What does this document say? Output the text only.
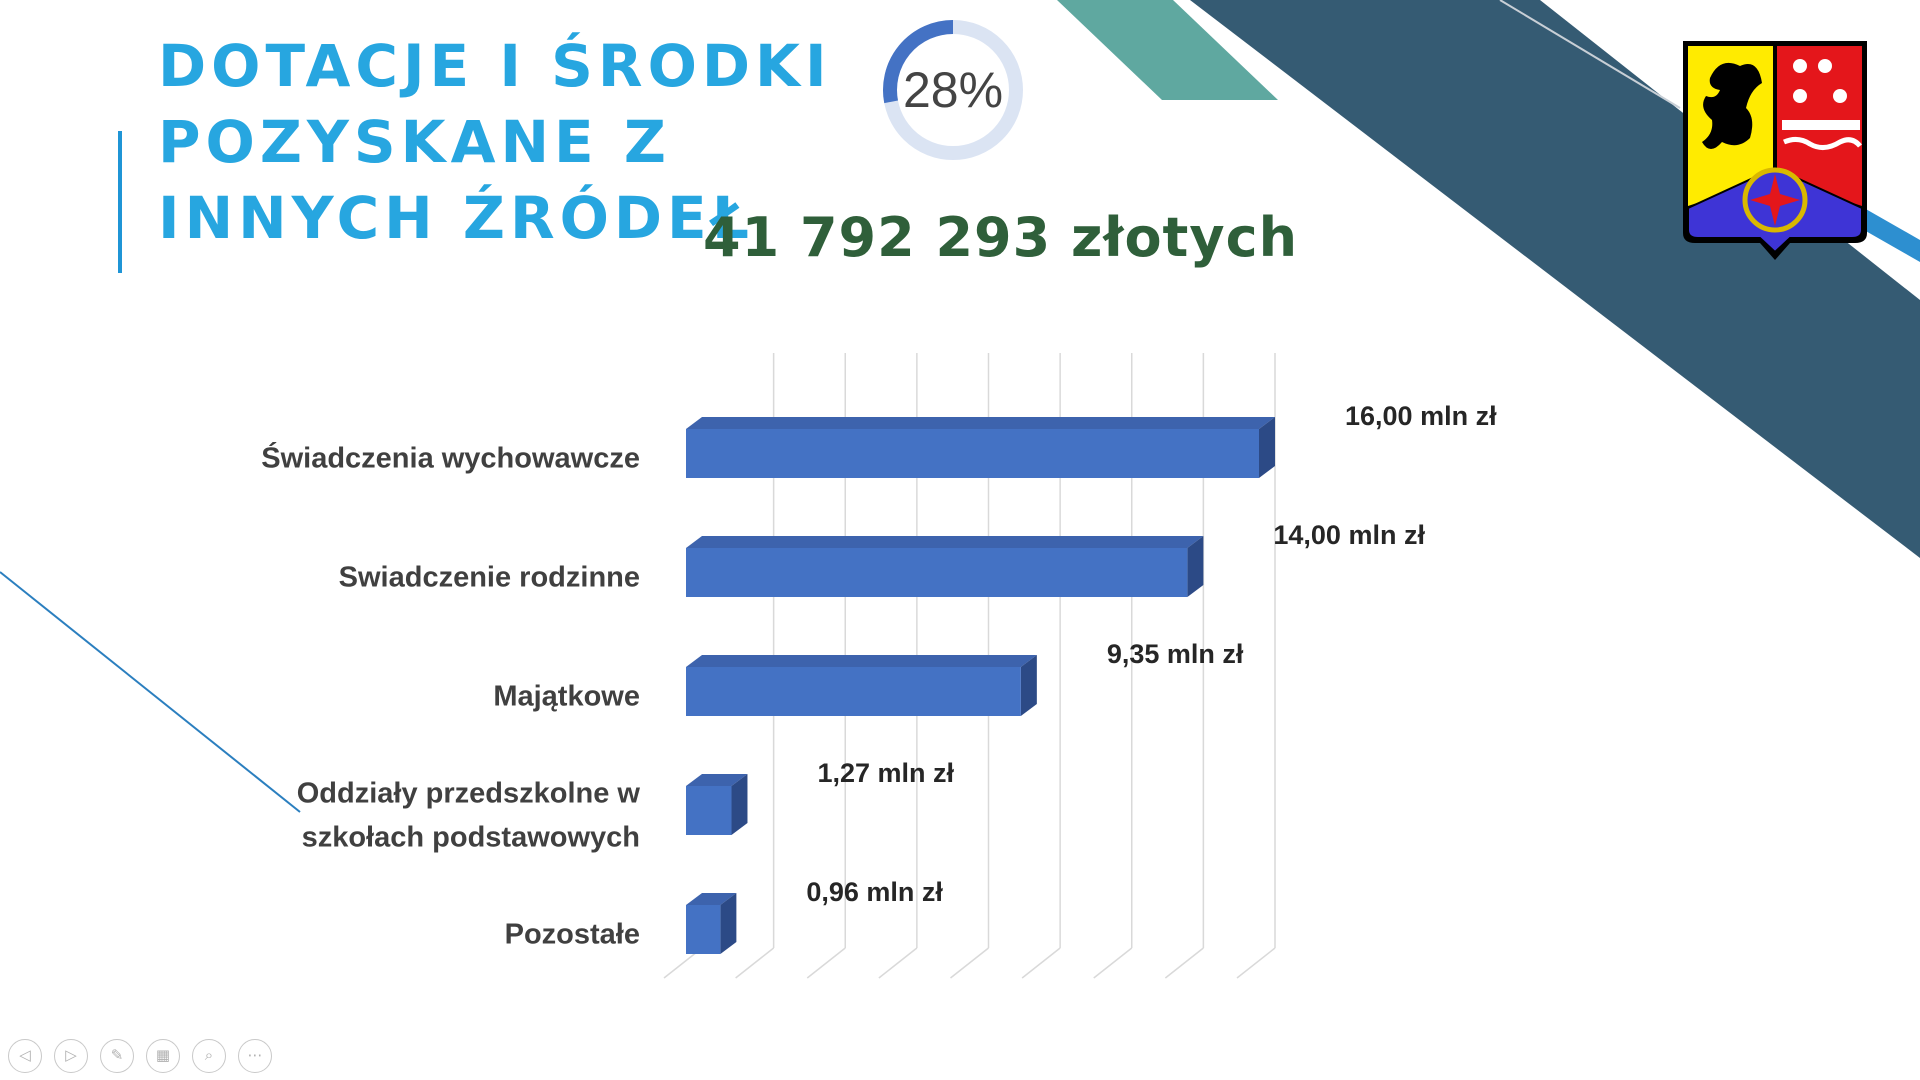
DOTACJE I ŚRODKI
POZYSKANE Z
INNYCH ŹRÓDEŁ
28%
41 792 293 złotych
16,00 mln zł
Świadczenia wychowawcze
14,00 mln zł
Swiadczenie rodzinne
9,35 mln zł
Majątkowe
1,27 mln zł
Oddziały przedszkolne w
szkołach podstawowych
0,96 mln zł
Pozostałe
◁	▷	✎	▦	⌕	⋯
